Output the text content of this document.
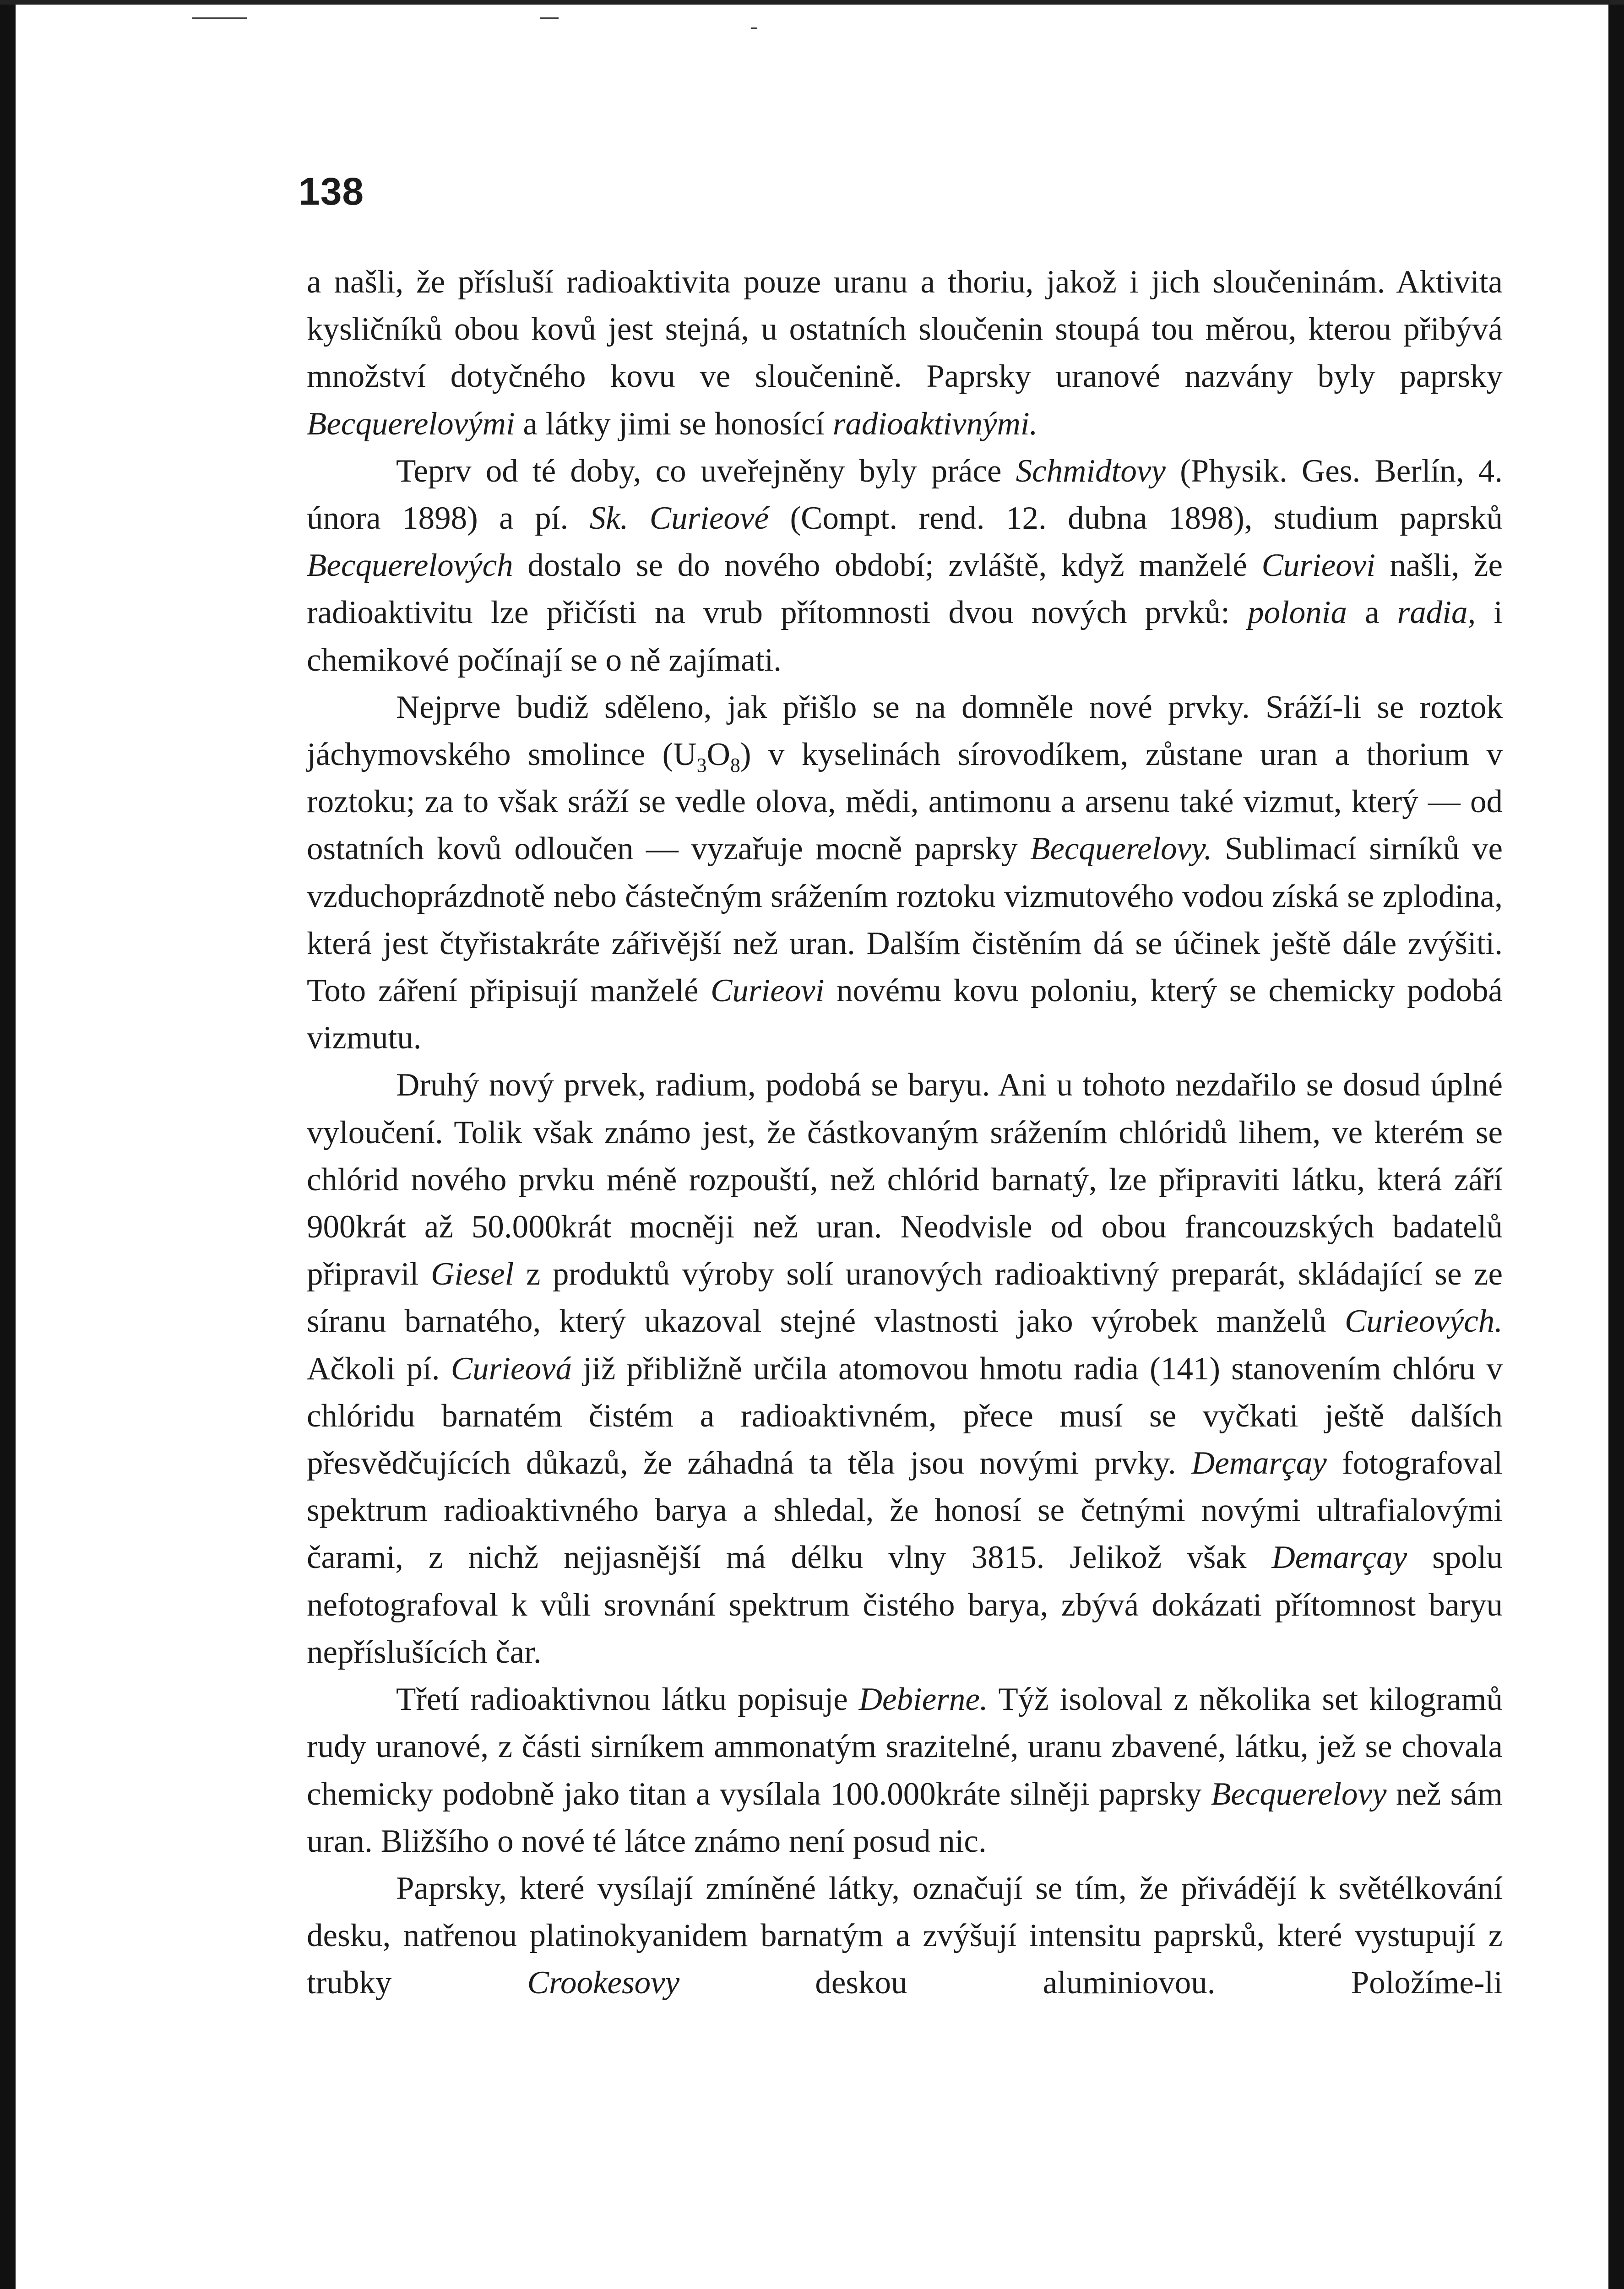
138

a našli, že přísluší radioaktivita pouze uranu a thoriu, jakož i jich sloučeninám. Aktivita kysličníků obou kovů jest stejná, u ostatních sloučenin stoupá tou měrou, kterou přibývá množství dotyčného kovu ve sloučenině. Paprsky uranové nazvány byly paprsky Becquerelovými a látky jimi se honosící radioaktivnými.

Teprv od té doby, co uveřejněny byly práce Schmidtovy (Physik. Ges. Berlín, 4. února 1898) a pí. Sk. Curieové (Compt. rend. 12. dubna 1898), studium paprsků Becquerelových dostalo se do nového období; zvláště, když manželé Curieovi našli, že radioaktivitu lze přičísti na vrub přítomnosti dvou nových prvků: polonia a radia, i chemikové počínají se o ně zajímati.

Nejprve budiž sděleno, jak přišlo se na domněle nové prvky. Sráží-li se roztok jáchymovského smolince $(U_3O_8)$ v kyselinách sírovodíkem, zůstane uran a thorium v roztoku; za to však sráží se vedle olova, mědi, antimonu a arsenu také vizmut, který — od ostatních kovů odloučen — vyzařuje mocně paprsky Becquerelovy. Sublimací sirníků ve vzduchoprázdnotě nebo částečným srážením roztoku vizmutového vodou získá se zplodina, která jest čtyřistakráte zářivější než uran. Dalším čistěním dá se účinek ještě dále zvýšiti. Toto záření připisují manželé Curieovi novému kovu poloniu, který se chemicky podobá vizmutu.

Druhý nový prvek, radium, podobá se baryu. Ani u tohoto nezdařilo se dosud úplné vyloučení. Tolik však známo jest, že částkovaným srážením chlóridů lihem, ve kterém se chlórid nového prvku méně rozpouští, než chlórid barnatý, lze připraviti látku, která září 900krát až 50.000krát mocněji než uran. Neodvisle od obou francouzských badatelů připravil Giesel z produktů výroby solí uranových radioaktivný preparát, skládající se ze síranu barnatého, který ukazoval stejné vlastnosti jako výrobek manželů Curieových. Ačkoli pí. Curieová již přibližně určila atomovou hmotu radia (141) stanovením chlóru v chlóridu barnatém čistém a radioaktivném, přece musí se vyčkati ještě dalších přesvědčujících důkazů, že záhadná ta těla jsou novými prvky. Demarçay fotografoval spektrum radioaktivného barya a shledal, že honosí se četnými novými ultrafialovými čarami, z nichž nejjasnější má délku vlny 3815. Jelikož však Demarçay spolu nefotografoval k vůli srovnání spektrum čistého barya, zbývá dokázati přítomnost baryu nepříslušících čar.

Třetí radioaktivnou látku popisuje Debierne. Týž isoloval z několika set kilogramů rudy uranové, z části sirníkem ammonatým srazitelné, uranu zbavené, látku, jež se chovala chemicky podobně jako titan a vysílala 100.000kráte silněji paprsky Becquerelovy než sám uran. Bližšího o nové té látce známo není posud nic.

Paprsky, které vysílají zmíněné látky, označují se tím, že přivádějí k světélkování desku, natřenou platinokyanidem barnatým a zvýšují intensitu paprsků, které vystupují z trubky Crookesovy deskou aluminiovou. Položíme-li
